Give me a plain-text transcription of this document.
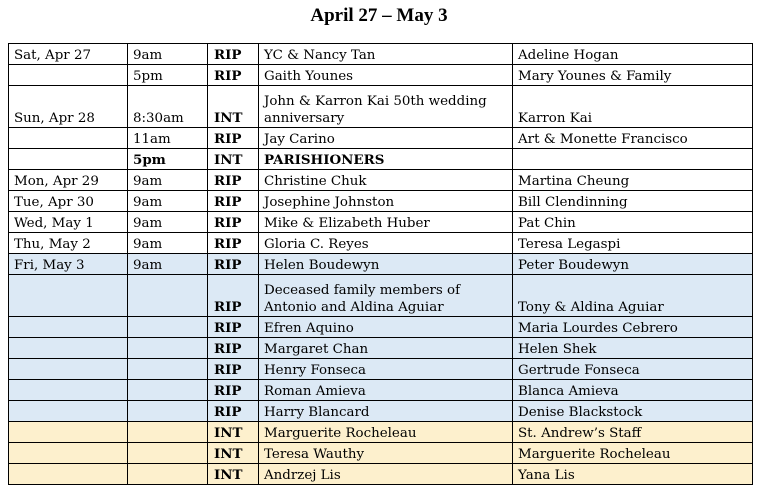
April 27 – May 3
Sat, Apr 27	9am	RIP	YC & Nancy Tan	Adeline Hogan
	5pm	RIP	Gaith Younes	Mary Younes & Family
Sun, Apr 28	8:30am	INT	John & Karron Kai 50th wedding anniversary	Karron Kai
	11am	RIP	Jay Carino	Art & Monette Francisco
	5pm	INT	PARISHIONERS	
Mon, Apr 29	9am	RIP	Christine Chuk	Martina Cheung
Tue, Apr 30	9am	RIP	Josephine Johnston	Bill Clendinning
Wed, May 1	9am	RIP	Mike & Elizabeth Huber	Pat Chin
Thu, May 2	9am	RIP	Gloria C. Reyes	Teresa Legaspi
Fri, May 3	9am	RIP	Helen Boudewyn	Peter Boudewyn
		RIP	Deceased family members of Antonio and Aldina Aguiar	Tony & Aldina Aguiar
		RIP	Efren Aquino	Maria Lourdes Cebrero
		RIP	Margaret Chan	Helen Shek
		RIP	Henry Fonseca	Gertrude Fonseca
		RIP	Roman Amieva	Blanca Amieva
		RIP	Harry Blancard	Denise Blackstock
		INT	Marguerite Rocheleau	St. Andrew’s Staff
		INT	Teresa Wauthy	Marguerite Rocheleau
		INT	Andrzej Lis	Yana Lis
